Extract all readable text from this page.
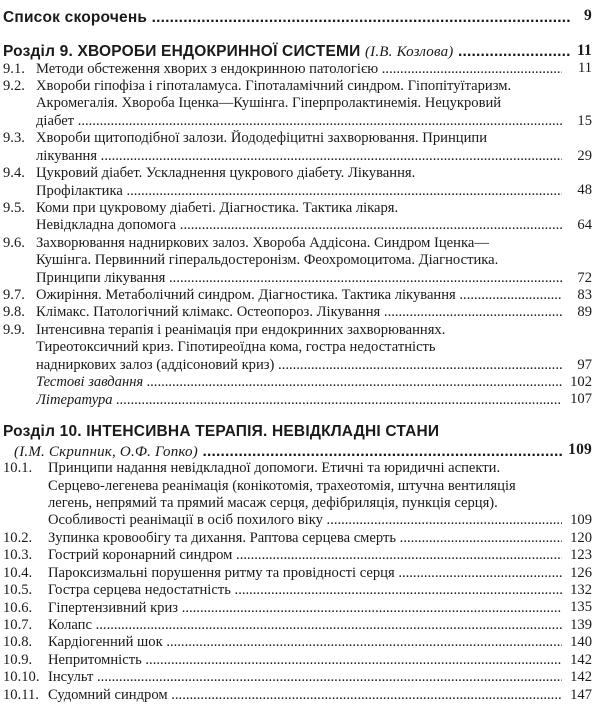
Список скорочень .....	9
Розділ 9. ХВОРОБИ ЕНДОКРИННОЇ СИСТЕМИ (І.В. Козлова) .....	11
9.1. Методи обстеження хворих з ендокринною патологією .....	11
9.2. Хвороби гіпофіза і гіпоталамуса. Гіпоталамічний синдром. Гіпопітуїтаризм.
Акромегалія. Хвороба Іценка—Кушінга. Гіперпролактинемія. Нецукровий
діабет .....	15
9.3. Хвороби щитоподібної залози. Йододефіцитні захворювання. Принципи
лікування .....	29
9.4. Цукровий діабет. Ускладнення цукрового діабету. Лікування.
Профілактика .....	48
9.5. Коми при цукровому діабеті. Діагностика. Тактика лікаря.
Невідкладна допомога .....	64
9.6. Захворювання надниркових залоз. Хвороба Аддісона. Синдром Іценка—
Кушінга. Первинний гіперальдостеронізм. Феохромоцитома. Діагностика.
Принципи лікування .....	72
9.7. Ожиріння. Метаболічний синдром. Діагностика. Тактика лікування .....	83
9.8. Клімакс. Патологічний клімакс. Остеопороз. Лікування .....	89
9.9. Інтенсивна терапія і реанімація при ендокринних захворюваннях.
Тиреотоксичний криз. Гіпотиреоїдна кома, гостра недостатність
надниркових залоз (аддісоновий криз) .....	97
Тестові завдання .....	102
Література .....	107
Розділ 10. ІНТЕНСИВНА ТЕРАПІЯ. НЕВІДКЛАДНІ СТАНИ
(І.М. Скрипник, О.Ф. Гопко) .....	109
10.1. Принципи надання невідкладної допомоги. Етичні та юридичні аспекти.
Серцево-легенева реанімація (конікотомія, трахеотомія, штучна вентиляція
легень, непрямий та прямий масаж серця, дефібриляція, пункція серця).
Особливості реанімації в осіб похилого віку .....	109
10.2. Зупинка кровообігу та дихання. Раптова серцева смерть .....	120
10.3. Гострий коронарний синдром .....	123
10.4. Пароксизмальні порушення ритму та провідності серця .....	126
10.5. Гостра серцева недостатність .....	132
10.6. Гіпертензивний криз .....	135
10.7. Колапс .....	139
10.8. Кардіогенний шок .....	140
10.9. Непритомність .....	142
10.10. Інсульт .....	142
10.11. Судомний синдром .....	147
